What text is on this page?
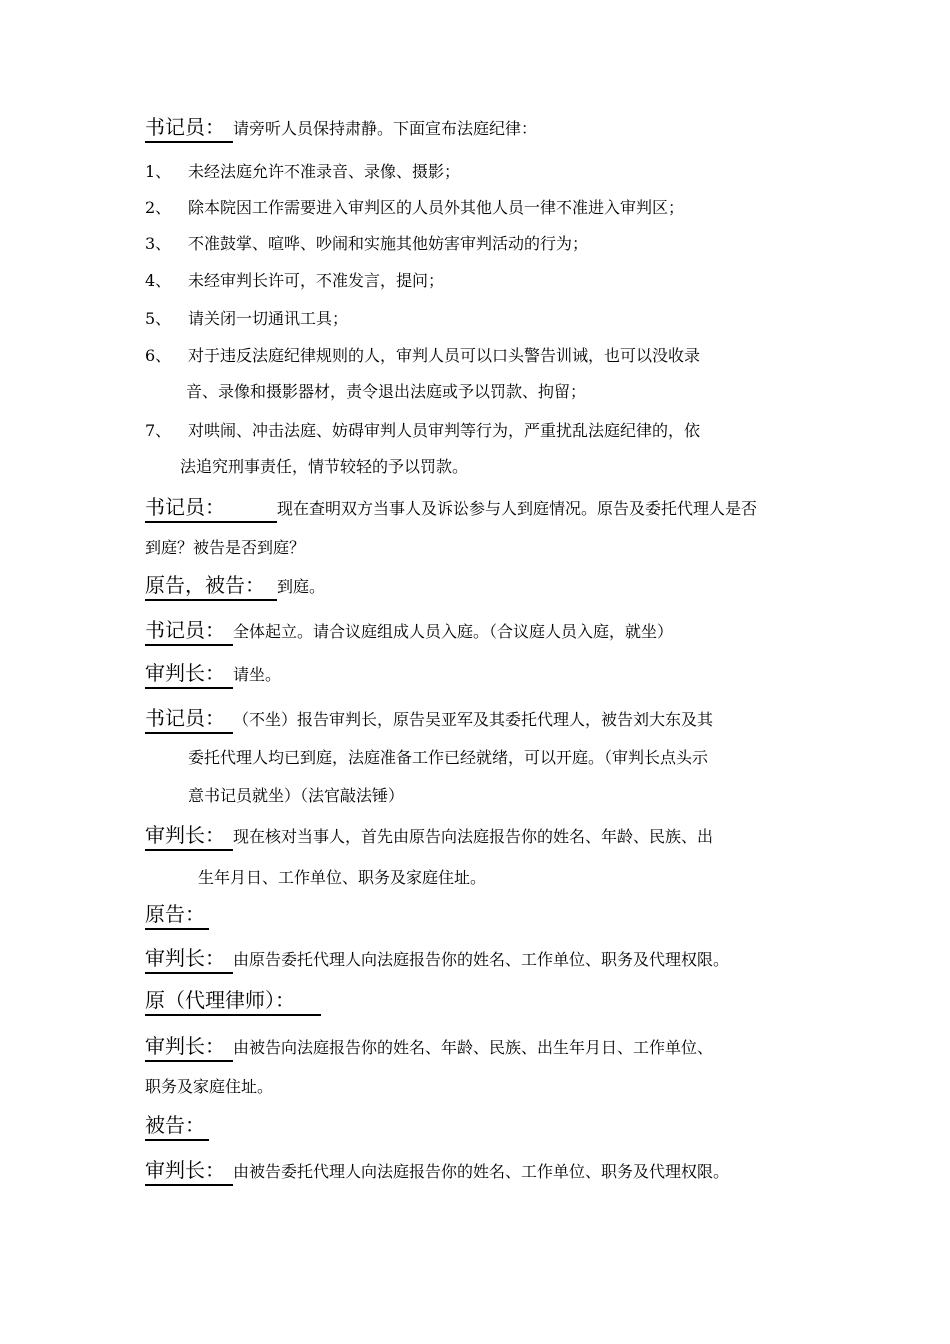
书记员： 请旁听人员保持肃静。下面宣布法庭纪律：
1、 未经法庭允许不准录音、录像、摄影；
2、 除本院因工作需要进入审判区的人员外其他人员一律不准进入审判区；
3、 不准鼓掌、喧哗、吵闹和实施其他妨害审判活动的行为；
4、 未经审判长许可，不准发言，提问；
5、 请关闭一切通讯工具；
6、 对于违反法庭纪律规则的人，审判人员可以口头警告训诫，也可以没收录
音、录像和摄影器材，责令退出法庭或予以罚款、拘留；
7、 对哄闹、冲击法庭、妨碍审判人员审判等行为，严重扰乱法庭纪律的，依
法追究刑事责任，情节较轻的予以罚款。
书记员：	现在查明双方当事人及诉讼参与人到庭情况。原告及委托代理人是否
到庭？被告是否到庭？
原告，被告： 到庭。
书记员： 全体起立。请合议庭组成人员入庭。（合议庭人员入庭，就坐）
审判长： 请坐。
书记员： （不坐）报告审判长，原告吴亚军及其委托代理人，被告刘大东及其
委托代理人均已到庭，法庭准备工作已经就绪，可以开庭。（审判长点头示
意书记员就坐）（法官敲法锤）
审判长： 现在核对当事人，首先由原告向法庭报告你的姓名、年龄、民族、出
生年月日、工作单位、职务及家庭住址。
原告：
审判长： 由原告委托代理人向法庭报告你的姓名、工作单位、职务及代理权限。
原（代理律师）：
审判长： 由被告向法庭报告你的姓名、年龄、民族、出生年月日、工作单位、
职务及家庭住址。
被告：
审判长： 由被告委托代理人向法庭报告你的姓名、工作单位、职务及代理权限。
